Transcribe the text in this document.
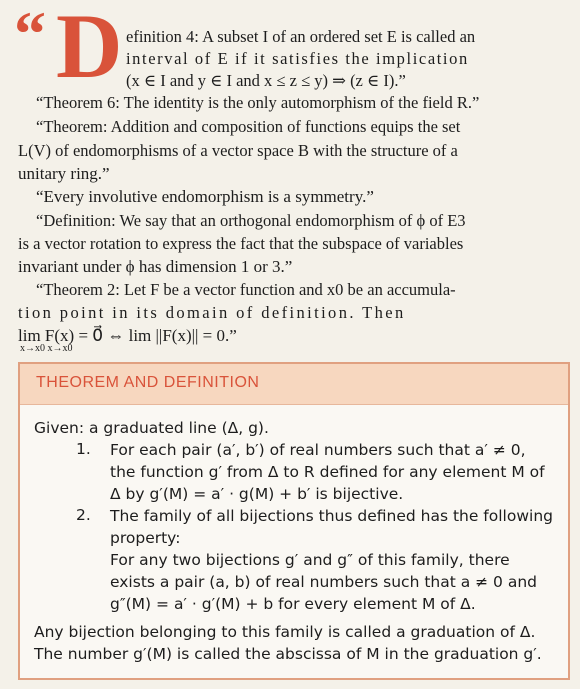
“ D efinition 4: A subset I of an ordered set E is called an
interval of E if it satisfies the implication
(x ∈ I and y ∈ I and x ≤ z ≤ y) ⇒ (z ∈ I).”
“Theorem 6: The identity is the only automorphism of the field R.”
“Theorem: Addition and composition of functions equips the set
L(V) of endomorphisms of a vector space B with the structure of a
unitary ring.”
“Every involutive endomorphism is a symmetry.”
“Definition: We say that an orthogonal endomorphism of ϕ of E3
is a vector rotation to express the fact that the subspace of variables
invariant under ϕ has dimension 1 or 3.”
“Theorem 2: Let F be a vector function and x0 be an accumula-
tion point in its domain of definition. Then
lim F(x) = 0⃗ ⇔ lim ||F(x)|| = 0.”
x→x0 x→x0
THEOREM AND DEFINITION
Given: a graduated line (Δ, g).
1. For each pair (a′, b′) of real numbers such that a′ ≠ 0,
the function g′ from Δ to R defined for any element M of
Δ by g′(M) = a′ · g(M) + b′ is bijective.
2. The family of all bijections thus defined has the following
property:
For any two bijections g′ and g″ of this family, there
exists a pair (a, b) of real numbers such that a ≠ 0 and
g″(M) = a′ · g′(M) + b for every element M of Δ.
Any bijection belonging to this family is called a graduation of Δ.
The number g′(M) is called the abscissa of M in the graduation g′.
